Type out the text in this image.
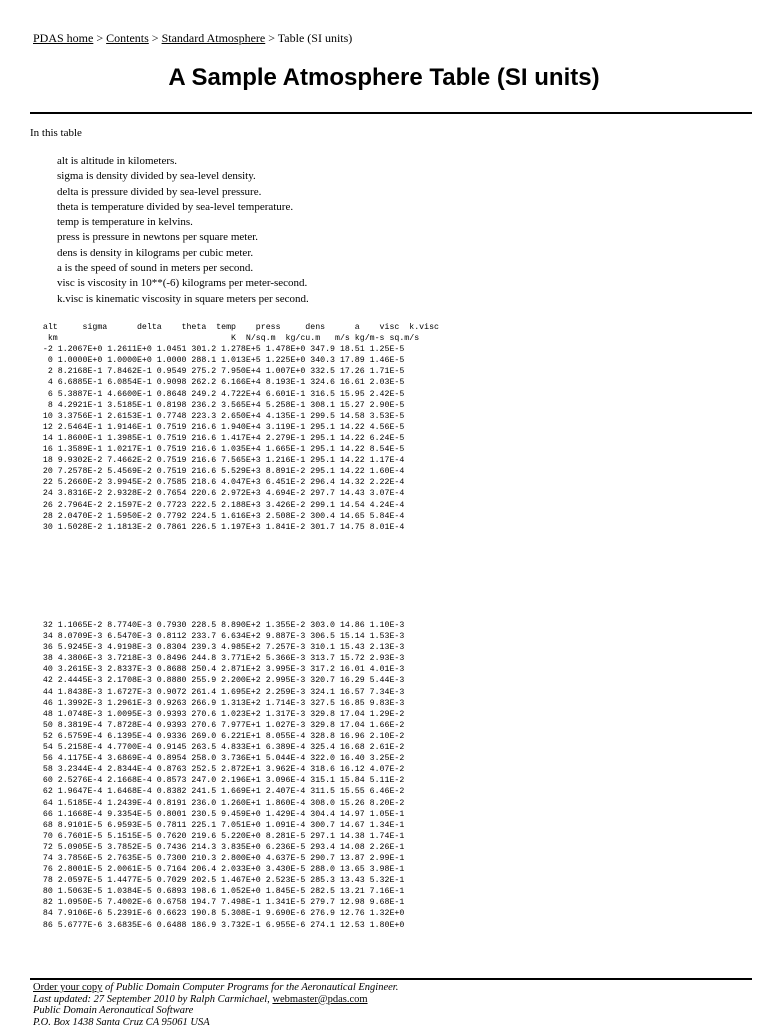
PDAS home > Contents > Standard Atmosphere > Table (SI units)
A Sample Atmosphere Table (SI units)
In this table
alt is altitude in kilometers.
sigma is density divided by sea-level density.
delta is pressure divided by sea-level pressure.
theta is temperature divided by sea-level temperature.
temp is temperature in kelvins.
press is pressure in newtons per square meter.
dens is density in kilograms per cubic meter.
a is the speed of sound in meters per second.
visc is viscosity in 10**(-6) kilograms per meter-second.
k.visc is kinematic viscosity in square meters per second.
alt     sigma      delta    theta  temp    press     dens      a    visc  k.visc
km                                   K  N/sq.m  kg/cu.m   m/s kg/m-s sq.m/s
-2 1.2067E+0 1.2611E+0 1.0451 301.2 1.278E+5 1.478E+0 347.9 18.51 1.25E-5
0 1.0000E+0 1.0000E+0 1.0000 288.1 1.013E+5 1.225E+0 340.3 17.89 1.46E-5
2 8.2168E-1 7.8462E-1 0.9549 275.2 7.950E+4 1.007E+0 332.5 17.26 1.71E-5
4 6.6885E-1 6.0854E-1 0.9098 262.2 6.166E+4 8.193E-1 324.6 16.61 2.03E-5
6 5.3887E-1 4.6600E-1 0.8648 249.2 4.722E+4 6.601E-1 316.5 15.95 2.42E-5
8 4.2921E-1 3.5185E-1 0.8198 236.2 3.565E+4 5.258E-1 308.1 15.27 2.90E-5
10 3.3756E-1 2.6153E-1 0.7748 223.3 2.650E+4 4.135E-1 299.5 14.58 3.53E-5
12 2.5464E-1 1.9146E-1 0.7519 216.6 1.940E+4 3.119E-1 295.1 14.22 4.56E-5
14 1.8600E-1 1.3985E-1 0.7519 216.6 1.417E+4 2.279E-1 295.1 14.22 6.24E-5
16 1.3589E-1 1.0217E-1 0.7519 216.6 1.035E+4 1.665E-1 295.1 14.22 8.54E-5
18 9.9302E-2 7.4662E-2 0.7519 216.6 7.565E+3 1.216E-1 295.1 14.22 1.17E-4
20 7.2578E-2 5.4569E-2 0.7519 216.6 5.529E+3 8.891E-2 295.1 14.22 1.60E-4
22 5.2660E-2 3.9945E-2 0.7585 218.6 4.047E+3 6.451E-2 296.4 14.32 2.22E-4
24 3.8316E-2 2.9328E-2 0.7654 220.6 2.972E+3 4.694E-2 297.7 14.43 3.07E-4
26 2.7964E-2 2.1597E-2 0.7723 222.5 2.188E+3 3.426E-2 299.1 14.54 4.24E-4
28 2.0470E-2 1.5950E-2 0.7792 224.5 1.616E+3 2.508E-2 300.4 14.65 5.84E-4
30 1.5028E-2 1.1813E-2 0.7861 226.5 1.197E+3 1.841E-2 301.7 14.75 8.01E-4

32 1.1065E-2 8.7740E-3 0.7930 228.5 8.890E+2 1.355E-2 303.0 14.86 1.10E-3
34 8.0709E-3 6.5470E-3 0.8112 233.7 6.634E+2 9.887E-3 306.5 15.14 1.53E-3
36 5.9245E-3 4.9198E-3 0.8304 239.3 4.985E+2 7.257E-3 310.1 15.43 2.13E-3
38 4.3806E-3 3.7218E-3 0.8496 244.8 3.771E+2 5.366E-3 313.7 15.72 2.93E-3
40 3.2615E-3 2.8337E-3 0.8688 250.4 2.871E+2 3.995E-3 317.2 16.01 4.01E-3
42 2.4445E-3 2.1708E-3 0.8880 255.9 2.200E+2 2.995E-3 320.7 16.29 5.44E-3
44 1.8438E-3 1.6727E-3 0.9072 261.4 1.695E+2 2.259E-3 324.1 16.57 7.34E-3
46 1.3992E-3 1.2961E-3 0.9263 266.9 1.313E+2 1.714E-3 327.5 16.85 9.83E-3
48 1.0748E-3 1.0095E-3 0.9393 270.6 1.023E+2 1.317E-3 329.8 17.04 1.29E-2
50 8.3819E-4 7.8728E-4 0.9393 270.6 7.977E+1 1.027E-3 329.8 17.04 1.66E-2
52 6.5759E-4 6.1395E-4 0.9336 269.0 6.221E+1 8.055E-4 328.8 16.96 2.10E-2
54 5.2158E-4 4.7700E-4 0.9145 263.5 4.833E+1 6.389E-4 325.4 16.68 2.61E-2
56 4.1175E-4 3.6869E-4 0.8954 258.0 3.736E+1 5.044E-4 322.0 16.40 3.25E-2
58 3.2344E-4 2.8344E-4 0.8763 252.5 2.872E+1 3.962E-4 318.6 16.12 4.07E-2
60 2.5276E-4 2.1668E-4 0.8573 247.0 2.196E+1 3.096E-4 315.1 15.84 5.11E-2
62 1.9647E-4 1.6468E-4 0.8382 241.5 1.669E+1 2.407E-4 311.5 15.55 6.46E-2
64 1.5185E-4 1.2439E-4 0.8191 236.0 1.260E+1 1.860E-4 308.0 15.26 8.20E-2
66 1.1668E-4 9.3354E-5 0.8001 230.5 9.459E+0 1.429E-4 304.4 14.97 1.05E-1
68 8.9101E-5 6.9593E-5 0.7811 225.1 7.051E+0 1.091E-4 300.7 14.67 1.34E-1
70 6.7601E-5 5.1515E-5 0.7620 219.6 5.220E+0 8.281E-5 297.1 14.38 1.74E-1
72 5.0905E-5 3.7852E-5 0.7436 214.3 3.835E+0 6.236E-5 293.4 14.08 2.26E-1
74 3.7856E-5 2.7635E-5 0.7300 210.3 2.800E+0 4.637E-5 290.7 13.87 2.99E-1
76 2.8001E-5 2.0061E-5 0.7164 206.4 2.033E+0 3.430E-5 288.0 13.65 3.98E-1
78 2.0597E-5 1.4477E-5 0.7029 202.5 1.467E+0 2.523E-5 285.3 13.43 5.32E-1
80 1.5063E-5 1.0384E-5 0.6893 198.6 1.052E+0 1.845E-5 282.5 13.21 7.16E-1
82 1.0950E-5 7.4002E-6 0.6758 194.7 7.498E-1 1.341E-5 279.7 12.98 9.68E-1
84 7.9106E-6 5.2391E-6 0.6623 190.8 5.308E-1 9.690E-6 276.9 12.76 1.32E+0
86 5.6777E-6 3.6835E-6 0.6488 186.9 3.732E-1 6.955E-6 274.1 12.53 1.80E+0

Order your copy of Public Domain Computer Programs for the Aeronautical Engineer.
Last updated: 27 September 2010 by Ralph Carmichael, webmaster@pdas.com
Public Domain Aeronautical Software
P.O. Box 1438 Santa Cruz CA 95061 USA
